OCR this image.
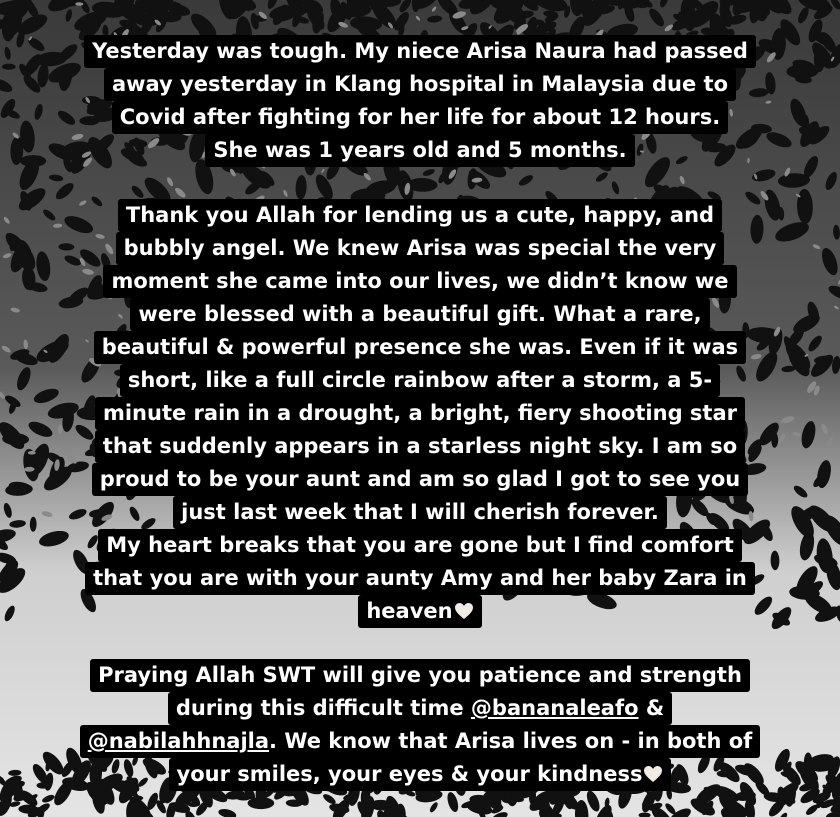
Yesterday was tough. My niece Arisa Naura had passed
away yesterday in Klang hospital in Malaysia due to
Covid after fighting for her life for about 12 hours.
She was 1 years old and 5 months.
Thank you Allah for lending us a cute, happy, and
bubbly angel. We knew Arisa was special the very
moment she came into our lives, we didn’t know we
were blessed with a beautiful gift. What a rare,
beautiful & powerful presence she was. Even if it was
short, like a full circle rainbow after a storm, a 5-
minute rain in a drought, a bright, fiery shooting star
that suddenly appears in a starless night sky. I am so
proud to be your aunt and am so glad I got to see you
just last week that I will cherish forever.
My heart breaks that you are gone but I find comfort
that you are with your aunty Amy and her baby Zara in
heaven
Praying Allah SWT will give you patience and strength
during this difficult time @bananaleafo &
@nabilahhnajla. We know that Arisa lives on - in both of
your smiles, your eyes & your kindness
